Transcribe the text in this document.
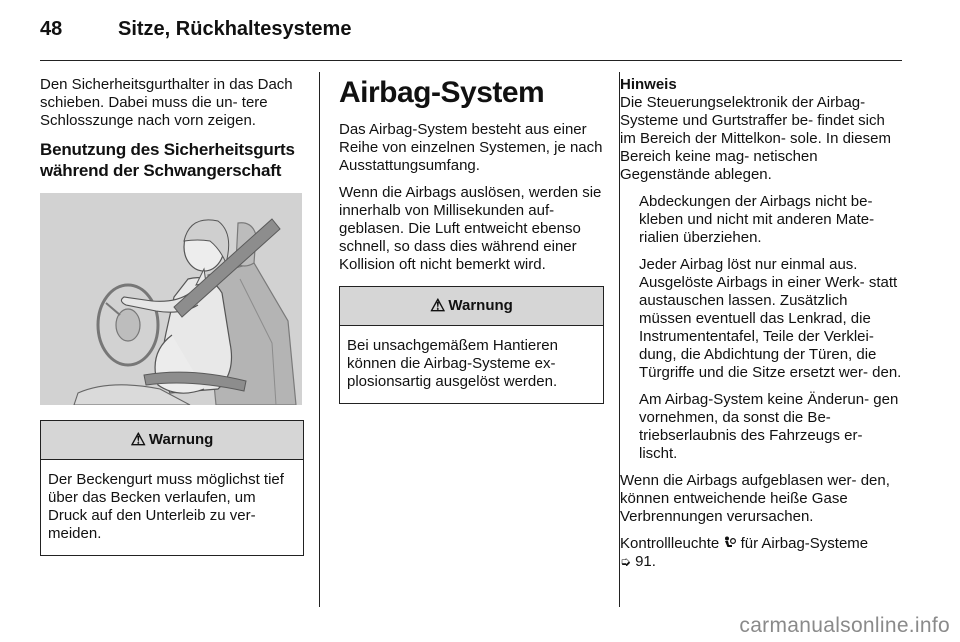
48	Sitze, Rückhaltesysteme

Den Sicherheitsgurthalter in das Dach schieben. Dabei muss die un- tere Schlosszunge nach vorn zeigen.

Benutzung des Sicherheitsgurts während der Schwangerschaft
⚠ Warnung
Der Beckengurt muss möglichst tief über das Becken verlaufen, um Druck auf den Unterleib zu ver- meiden.
Airbag-System

Das Airbag-System besteht aus einer Reihe von einzelnen Systemen, je nach Ausstattungsumfang.

Wenn die Airbags auslösen, werden sie innerhalb von Millisekunden auf- geblasen. Die Luft entweicht ebenso schnell, so dass dies während einer Kollision oft nicht bemerkt wird.

⚠ Warnung
Bei unsachgemäßem Hantieren können die Airbag-Systeme ex- plosionsartig ausgelöst werden.
Hinweis

Die Steuerungselektronik der Airbag-Systeme und Gurtstraffer be- findet sich im Bereich der Mittelkon- sole. In diesem Bereich keine mag- netischen Gegenstände ablegen.

Abdeckungen der Airbags nicht be- kleben und nicht mit anderen Mate- rialien überziehen.

Jeder Airbag löst nur einmal aus. Ausgelöste Airbags in einer Werk- statt austauschen lassen. Zusätzlich müssen eventuell das Lenkrad, die Instrumententafel, Teile der Verklei- dung, die Abdichtung der Türen, die Türgriffe und die Sitze ersetzt wer- den.

Am Airbag-System keine Änderun- gen vornehmen, da sonst die Be- triebserlaubnis des Fahrzeugs er- lischt.

Wenn die Airbags aufgeblasen wer- den, können entweichende heiße Gase Verbrennungen verursachen.

Kontrollleuchte für Airbag-Systeme
➭ 91.

carmanualsonline.info
